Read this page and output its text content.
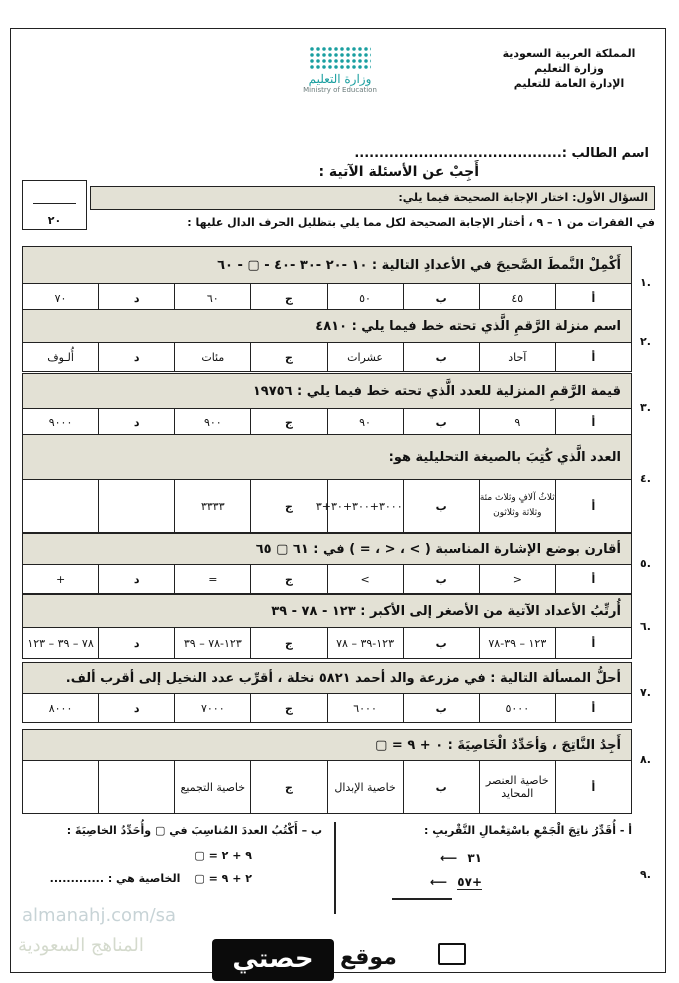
المملكة العربية السعودية
وزارة التعليم
الإدارة العامة للتعليم
وزارة التعليم
Ministry of Education
اسم الطالب :..........................................
أَجِبْ عن الأسئلة الآتية :
٢٠
السؤال الأول: اختار الإجابة الصحيحة فيما يلي:
في الفقرات من ١ – ٩ ، أختار الإجابة الصحيحة لكل مما يلي بتظليل الحرف الدال عليها :
أَكْمِلْ النَّمطَ الصَّحيحَ في الأعدادِ التالية : ١٠ -٢٠ -٣٠ -٤٠ - ▢ - ٦٠
أ	٤٥	ب	٥٠	ج	٦٠	د	٧٠
اسم منزلة الرَّقمِ الَّذي تحته خط فيما يلي : ٤٨١٠
أ	آحاد	ب	عشرات	ج	مئات	د	أُلـوف
قيمة الرَّقمِ المنزلية للعدد الَّذي تحته خط فيما يلي : ١٩٧٥٦
أ	٩	ب	٩٠	ج	٩٠٠	د	٩٠٠٠
العدد الَّذي كُتِبَ بالصيغة التحليلية هو:
أ	ثلاثُ آلافٍ وثلاث مئة وثلاثة وثلاثون	ب	٣٠٠٠+٣٠٠+٣٠+٣	ج	٣٣٣٣		
أقارن بوضع الإشارة المناسبة ( > ، < ، = ) في : ٦١ ▢ ٦٥
أ	<	ب	>	ج	=	د	+
أُرتِّبُ الأعداد الآتية من الأصغر إلى الأكبر : ١٢٣ - ٧٨ - ٣٩
أ	١٢٣ – ٣٩-٧٨	ب	١٢٣-٣٩ – ٧٨	ج	١٢٣-٧٨ – ٣٩	د	٧٨ – ٣٩ – ١٢٣
أحلُّ المسألة التالية : في مزرعة والد أحمد ٥٨٢١ نخلة ، أقرِّب عدد النخيل إلى أقرب ألف.
أ	٥٠٠٠	ب	٦٠٠٠	ج	٧٠٠٠	د	٨٠٠٠
أَجِدُ النَّاتِجَ ، وَأحَدِّدُ الْخَاصِيَةَ : ٠ + ٩ = ▢
أ	خاصية العنصر المحايد	ب	خاصية الإبدال	ج	خاصية التجميع		
.٩
أ - أُقَدِّرُ ناتِجَ الْجَمْعِ باسْتِعْمالِ التَّقْريبِ :
٣١ ⟵
+٥٧ ⟵
ب – أَكْتُبُ العددَ المُناسِبَ في ▢ وأُحَدِّدُ الخاصِيَةَ :
٩ + ٢ = ▢
٢ + ٩ = ▢
الخاصية هي : .............
almanahj.com/sa
المناهج السعودية	موقع
حصتي
.١
.٢
.٣
.٤
.٥
.٦
.٧
.٨
